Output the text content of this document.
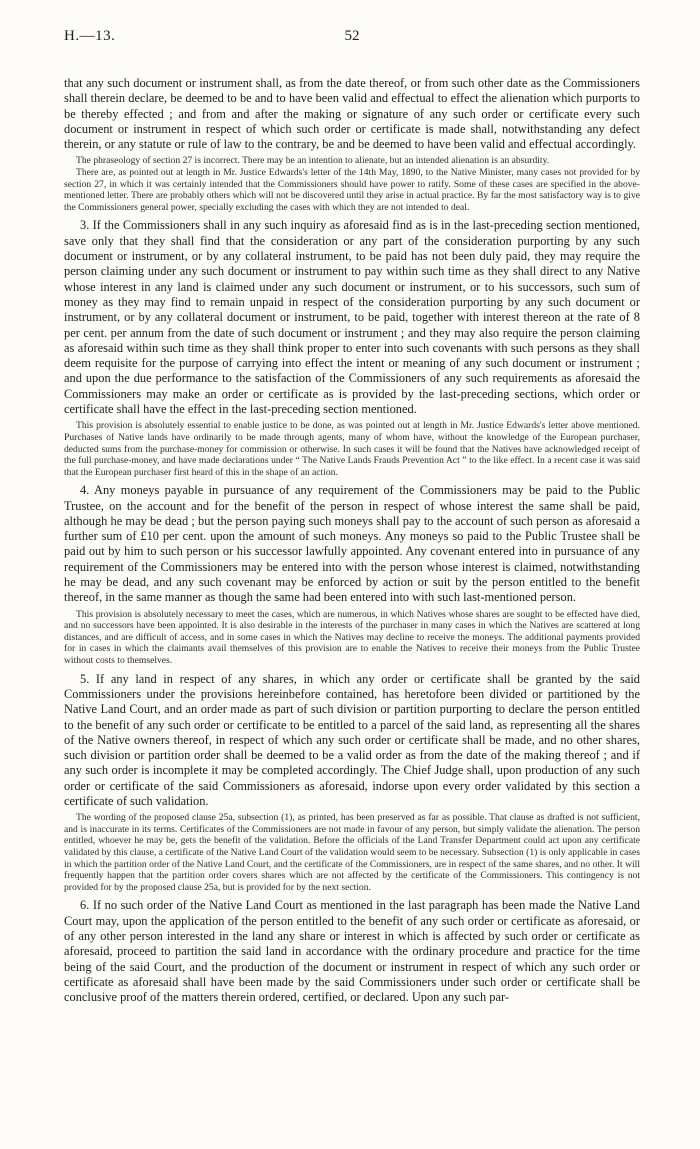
H.—13.	52

that any such document or instrument shall, as from the date thereof, or from such other date as the Commissioners shall therein declare, be deemed to be and to have been valid and effectual to effect the alienation which purports to be thereby effected ; and from and after the making or signature of any such order or certificate every such document or instrument in respect of which such order or certificate is made shall, notwithstanding any defect therein, or any statute or rule of law to the contrary, be and be deemed to have been valid and effectual accordingly.

The phraseology of section 27 is incorrect. There may be an intention to alienate, but an intended alienation is an absurdity.

There are, as pointed out at length in Mr. Justice Edwards's letter of the 14th May, 1890, to the Native Minister, many cases not provided for by section 27, in which it was certainly intended that the Commissioners should have power to ratify. Some of these cases are specified in the above-mentioned letter. There are probably others which will not be discovered until they arise in actual practice. By far the most satisfactory way is to give the Commissioners general power, specially excluding the cases with which they are not intended to deal.

3. If the Commissioners shall in any such inquiry as aforesaid find as is in the last-preceding section mentioned, save only that they shall find that the consideration or any part of the consideration purporting by any such document or instrument, or by any collateral instrument, to be paid has not been duly paid, they may require the person claiming under any such document or instrument to pay within such time as they shall direct to any Native whose interest in any land is claimed under any such document or instrument, or to his successors, such sum of money as they may find to remain unpaid in respect of the consideration purporting by any such document or instrument, or by any collateral document or instrument, to be paid, together with interest thereon at the rate of 8 per cent. per annum from the date of such document or instrument ; and they may also require the person claiming as aforesaid within such time as they shall think proper to enter into such covenants with such persons as they shall deem requisite for the purpose of carrying into effect the intent or meaning of any such document or instrument ; and upon the due performance to the satisfaction of the Commissioners of any such requirements as aforesaid the Commissioners may make an order or certificate as is provided by the last-preceding sections, which order or certificate shall have the effect in the last-preceding section mentioned.

This provision is absolutely essential to enable justice to be done, as was pointed out at length in Mr. Justice Edwards's letter above mentioned. Purchases of Native lands have ordinarily to be made through agents, many of whom have, without the knowledge of the European purchaser, deducted sums from the purchase-money for commission or otherwise. In such cases it will be found that the Natives have acknowledged receipt of the full purchase-money, and have made declarations under “ The Native Lands Frauds Prevention Act ” to the like effect. In a recent case it was said that the European purchaser first heard of this in the shape of an action.

4. Any moneys payable in pursuance of any requirement of the Commissioners may be paid to the Public Trustee, on the account and for the benefit of the person in respect of whose interest the same shall be paid, although he may be dead ; but the person paying such moneys shall pay to the account of such person as aforesaid a further sum of £10 per cent. upon the amount of such moneys. Any moneys so paid to the Public Trustee shall be paid out by him to such person or his successor lawfully appointed. Any covenant entered into in pursuance of any requirement of the Commissioners may be entered into with the person whose interest is claimed, notwithstanding he may be dead, and any such covenant may be enforced by action or suit by the person entitled to the benefit thereof, in the same manner as though the same had been entered into with such last-mentioned person.

This provision is absolutely necessary to meet the cases, which are numerous, in which Natives whose shares are sought to be effected have died, and no successors have been appointed. It is also desirable in the interests of the purchaser in many cases in which the Natives are scattered at long distances, and are difficult of access, and in some cases in which the Natives may decline to receive the moneys. The additional payments provided for in cases in which the claimants avail themselves of this provision are to enable the Natives to receive their moneys from the Public Trustee without costs to themselves.

5. If any land in respect of any shares, in which any order or certificate shall be granted by the said Commissioners under the provisions hereinbefore contained, has heretofore been divided or partitioned by the Native Land Court, and an order made as part of such division or partition purporting to declare the person entitled to the benefit of any such order or certificate to be entitled to a parcel of the said land, as representing all the shares of the Native owners thereof, in respect of which any such order or certificate shall be made, and no other shares, such division or partition order shall be deemed to be a valid order as from the date of the making thereof ; and if any such order is incomplete it may be completed accordingly. The Chief Judge shall, upon production of any such order or certificate of the said Commissioners as aforesaid, indorse upon every order validated by this section a certificate of such validation.

The wording of the proposed clause 25a, subsection (1), as printed, has been preserved as far as possible. That clause as drafted is not sufficient, and is inaccurate in its terms. Certificates of the Commissioners are not made in favour of any person, but simply validate the alienation. The person entitled, whoever he may be, gets the benefit of the validation. Before the officials of the Land Transfer Department could act upon any certificate validated by this clause, a certificate of the Native Land Court of the validation would seem to be necessary. Subsection (1) is only applicable in cases in which the partition order of the Native Land Court, and the certificate of the Commissioners, are in respect of the same shares, and no other. It will frequently happen that the partition order covers shares which are not affected by the certificate of the Commissioners. This contingency is not provided for by the proposed clause 25a, but is provided for by the next section.

6. If no such order of the Native Land Court as mentioned in the last paragraph has been made the Native Land Court may, upon the application of the person entitled to the benefit of any such order or certificate as aforesaid, or of any other person interested in the land any share or interest in which is affected by such order or certificate as aforesaid, proceed to partition the said land in accordance with the ordinary procedure and practice for the time being of the said Court, and the production of the document or instrument in respect of which any such order or certificate as aforesaid shall have been made by the said Commissioners under such order or certificate shall be conclusive proof of the matters therein ordered, certified, or declared. Upon any such par-
